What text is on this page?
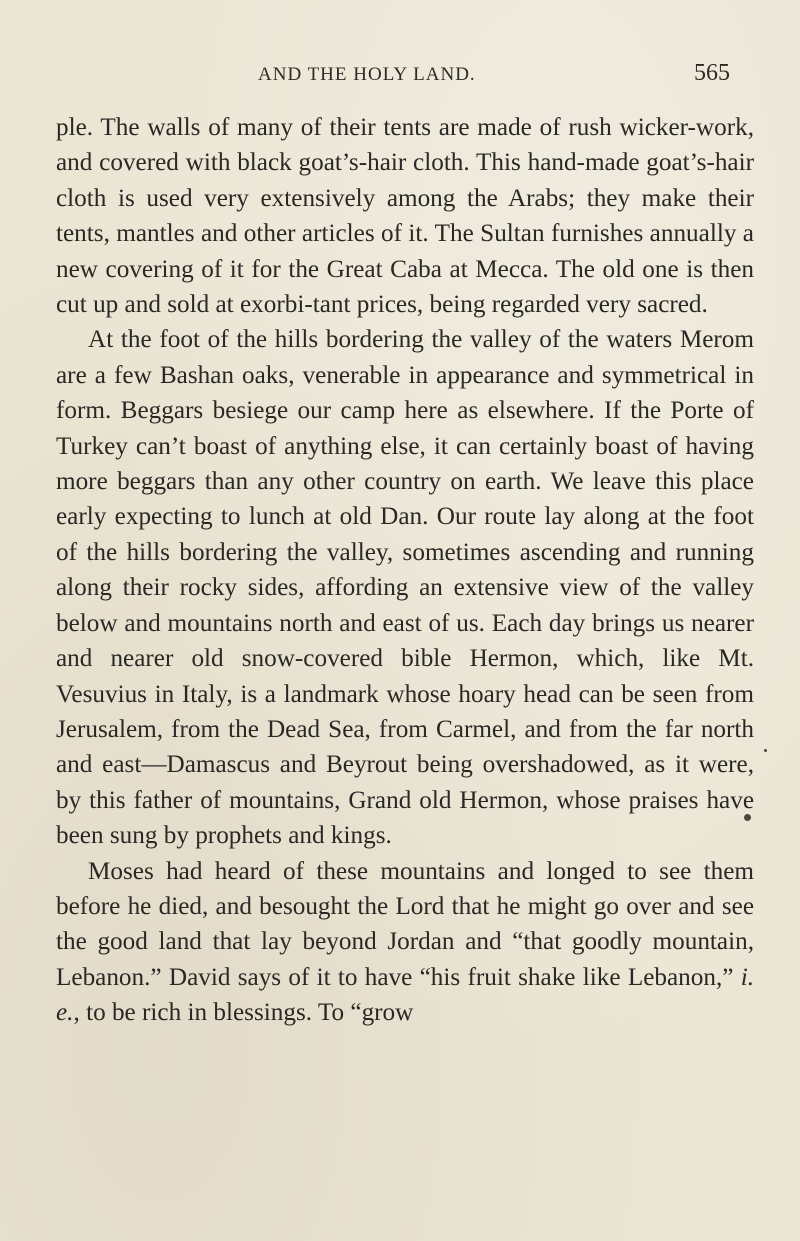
AND THE HOLY LAND.	565

ple. The walls of many of their tents are made of rush wicker-work, and covered with black goat’s-hair cloth. This hand-made goat’s-hair cloth is used very extensively among the Arabs; they make their tents, mantles and other articles of it. The Sultan furnishes annually a new covering of it for the Great Caba at Mecca. The old one is then cut up and sold at exorbi-tant prices, being regarded very sacred.

At the foot of the hills bordering the valley of the waters Merom are a few Bashan oaks, venerable in appearance and symmetrical in form. Beggars besiege our camp here as elsewhere. If the Porte of Turkey can’t boast of anything else, it can certainly boast of having more beggars than any other country on earth. We leave this place early expecting to lunch at old Dan. Our route lay along at the foot of the hills bordering the valley, sometimes ascending and running along their rocky sides, affording an extensive view of the valley below and mountains north and east of us. Each day brings us nearer and nearer old snow-covered bible Hermon, which, like Mt. Vesuvius in Italy, is a landmark whose hoary head can be seen from Jerusalem, from the Dead Sea, from Carmel, and from the far north and east—Damascus and Beyrout being overshadowed, as it were, by this father of mountains, Grand old Hermon, whose praises have been sung by prophets and kings.

Moses had heard of these mountains and longed to see them before he died, and besought the Lord that he might go over and see the good land that lay beyond Jordan and “that goodly mountain, Lebanon.” David says of it to have “his fruit shake like Lebanon,” i. e., to be rich in blessings. To “grow
